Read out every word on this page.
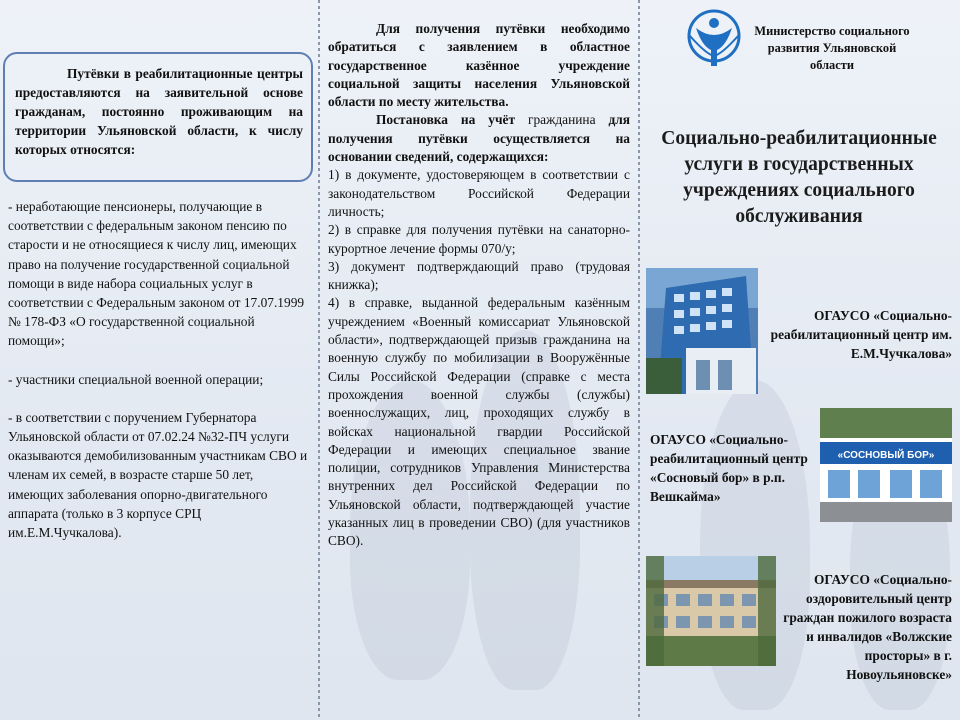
Путёвки в реабилитационные центры предоставляются на заявительной основе гражданам, постоянно проживающим на территории Ульяновской области, к числу которых относятся:

- неработающие пенсионеры, получающие в соответствии с федеральным законом пенсию по старости и не относящиеся к числу лиц, имеющих право на получение государственной социальной помощи в виде набора социальных услуг в соответствии с Федеральным законом от 17.07.1999 № 178-ФЗ «О государственной социальной помощи»;

- участники специальной военной операции;

- в соответствии с поручением Губернатора Ульяновской области от 07.02.24 №32-ПЧ услуги оказываются демобилизованным участникам СВО и членам их семей, в возрасте старше 50 лет, имеющих заболевания опорно-двигательного аппарата (только в 3 корпусе СРЦ им.Е.М.Чучкалова).

Для получения путёвки необходимо обратиться с заявлением в областное государственное казённое учреждение социальной защиты населения Ульяновской области по месту жительства.

Постановка на учёт гражданина для получения путёвки осуществляется на основании сведений, содержащихся:

1) в документе, удостоверяющем в соответствии с законодательством Российской Федерации личность;

2) в справке для получения путёвки на санаторно-курортное лечение формы 070/у;

3) документ подтверждающий право (трудовая книжка);

4) в справке, выданной федеральным казённым учреждением «Военный комиссариат Ульяновской области», подтверждающей призыв гражданина на военную службу по мобилизации в Вооружённые Силы Российской Федерации (справке с места прохождения военной службы (службы) военнослужащих, лиц, проходящих службу в войсках национальной гвардии Российской Федерации и имеющих специальное звание полиции, сотрудников Управления Министерства внутренних дел Российской Федерации по Ульяновской области, подтверждающей участие указанных лиц в проведении СВО) (для участников СВО).

Министерство социального развития Ульяновской области
Социально-реабилитационные услуги в государственных учреждениях социального обслуживания
ОГАУСО «Социально-реабилитационный центр им. Е.М.Чучкалова»
ОГАУСО «Социально-реабилитационный центр «Сосновый бор» в р.п. Вешкайма»
«СОСНОВЫЙ БОР»
ОГАУСО «Социально-оздоровительный центр граждан пожилого возраста и инвалидов «Волжские просторы» в г. Новоульяновске»
